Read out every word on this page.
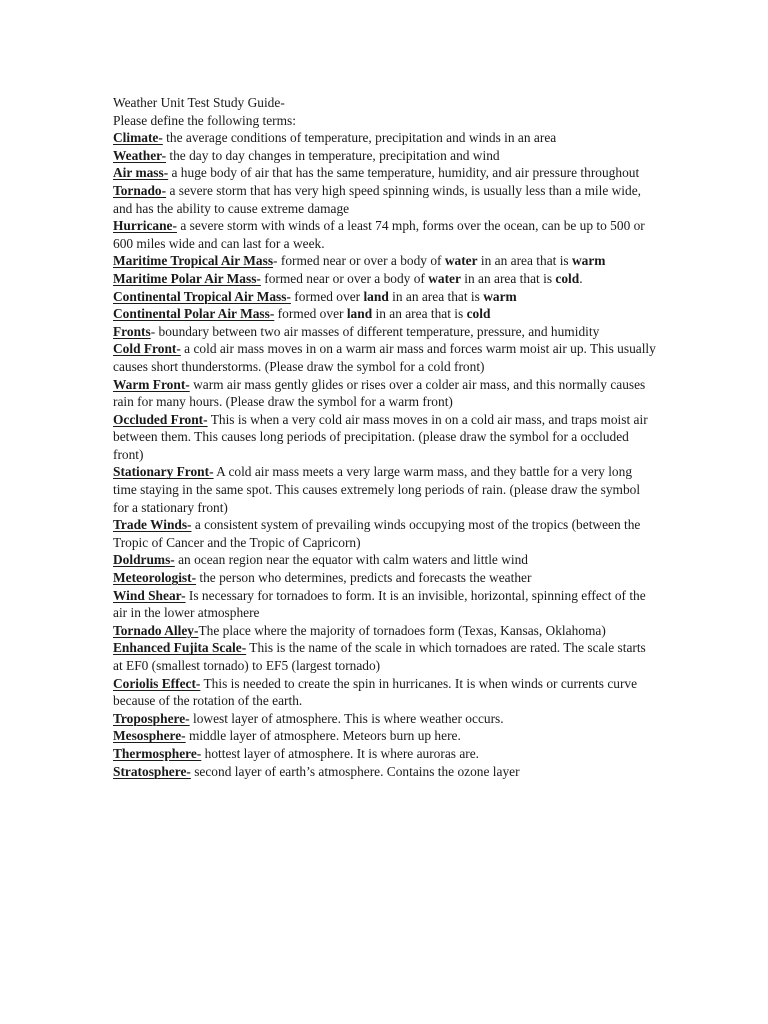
Weather Unit Test Study Guide-

Please define the following terms:

Climate- the average conditions of temperature, precipitation and winds in an area

Weather- the day to day changes in temperature, precipitation and wind

Air mass- a huge body of air that has the same temperature, humidity, and air pressure throughout

Tornado- a severe storm that has very high speed spinning winds, is usually less than a mile wide, and has the ability to cause extreme damage

Hurricane- a severe storm with winds of a least 74 mph, forms over the ocean, can be up to 500 or 600 miles wide and can last for a week.

Maritime Tropical Air Mass- formed near or over a body of water in an area that is warm

Maritime Polar Air Mass- formed near or over a body of water in an area that is cold.

Continental Tropical Air Mass- formed over land in an area that is warm

Continental Polar Air Mass- formed over land in an area that is cold

Fronts- boundary between two air masses of different temperature, pressure, and humidity

Cold Front- a cold air mass moves in on a warm air mass and forces warm moist air up. This usually causes short thunderstorms. (Please draw the symbol for a cold front)

Warm Front- warm air mass gently glides or rises over a colder air mass, and this normally causes rain for many hours. (Please draw the symbol for a warm front)

Occluded Front- This is when a very cold air mass moves in on a cold air mass, and traps moist air between them. This causes long periods of precipitation. (please draw the symbol for a occluded front)

Stationary Front- A cold air mass meets a very large warm mass, and they battle for a very long time staying in the same spot. This causes extremely long periods of rain. (please draw the symbol for a stationary front)

Trade Winds- a consistent system of prevailing winds occupying most of the tropics (between the Tropic of Cancer and the Tropic of Capricorn)

Doldrums- an ocean region near the equator with calm waters and little wind

Meteorologist- the person who determines, predicts and forecasts the weather

Wind Shear- Is necessary for tornadoes to form. It is an invisible, horizontal, spinning effect of the air in the lower atmosphere

Tornado Alley-The place where the majority of tornadoes form (Texas, Kansas, Oklahoma)

Enhanced Fujita Scale- This is the name of the scale in which tornadoes are rated. The scale starts at EF0 (smallest tornado) to EF5 (largest tornado)

Coriolis Effect- This is needed to create the spin in hurricanes. It is when winds or currents curve because of the rotation of the earth.

Troposphere- lowest layer of atmosphere. This is where weather occurs.

Mesosphere- middle layer of atmosphere. Meteors burn up here.

Thermosphere- hottest layer of atmosphere. It is where auroras are.

Stratosphere- second layer of earth’s atmosphere. Contains the ozone layer
